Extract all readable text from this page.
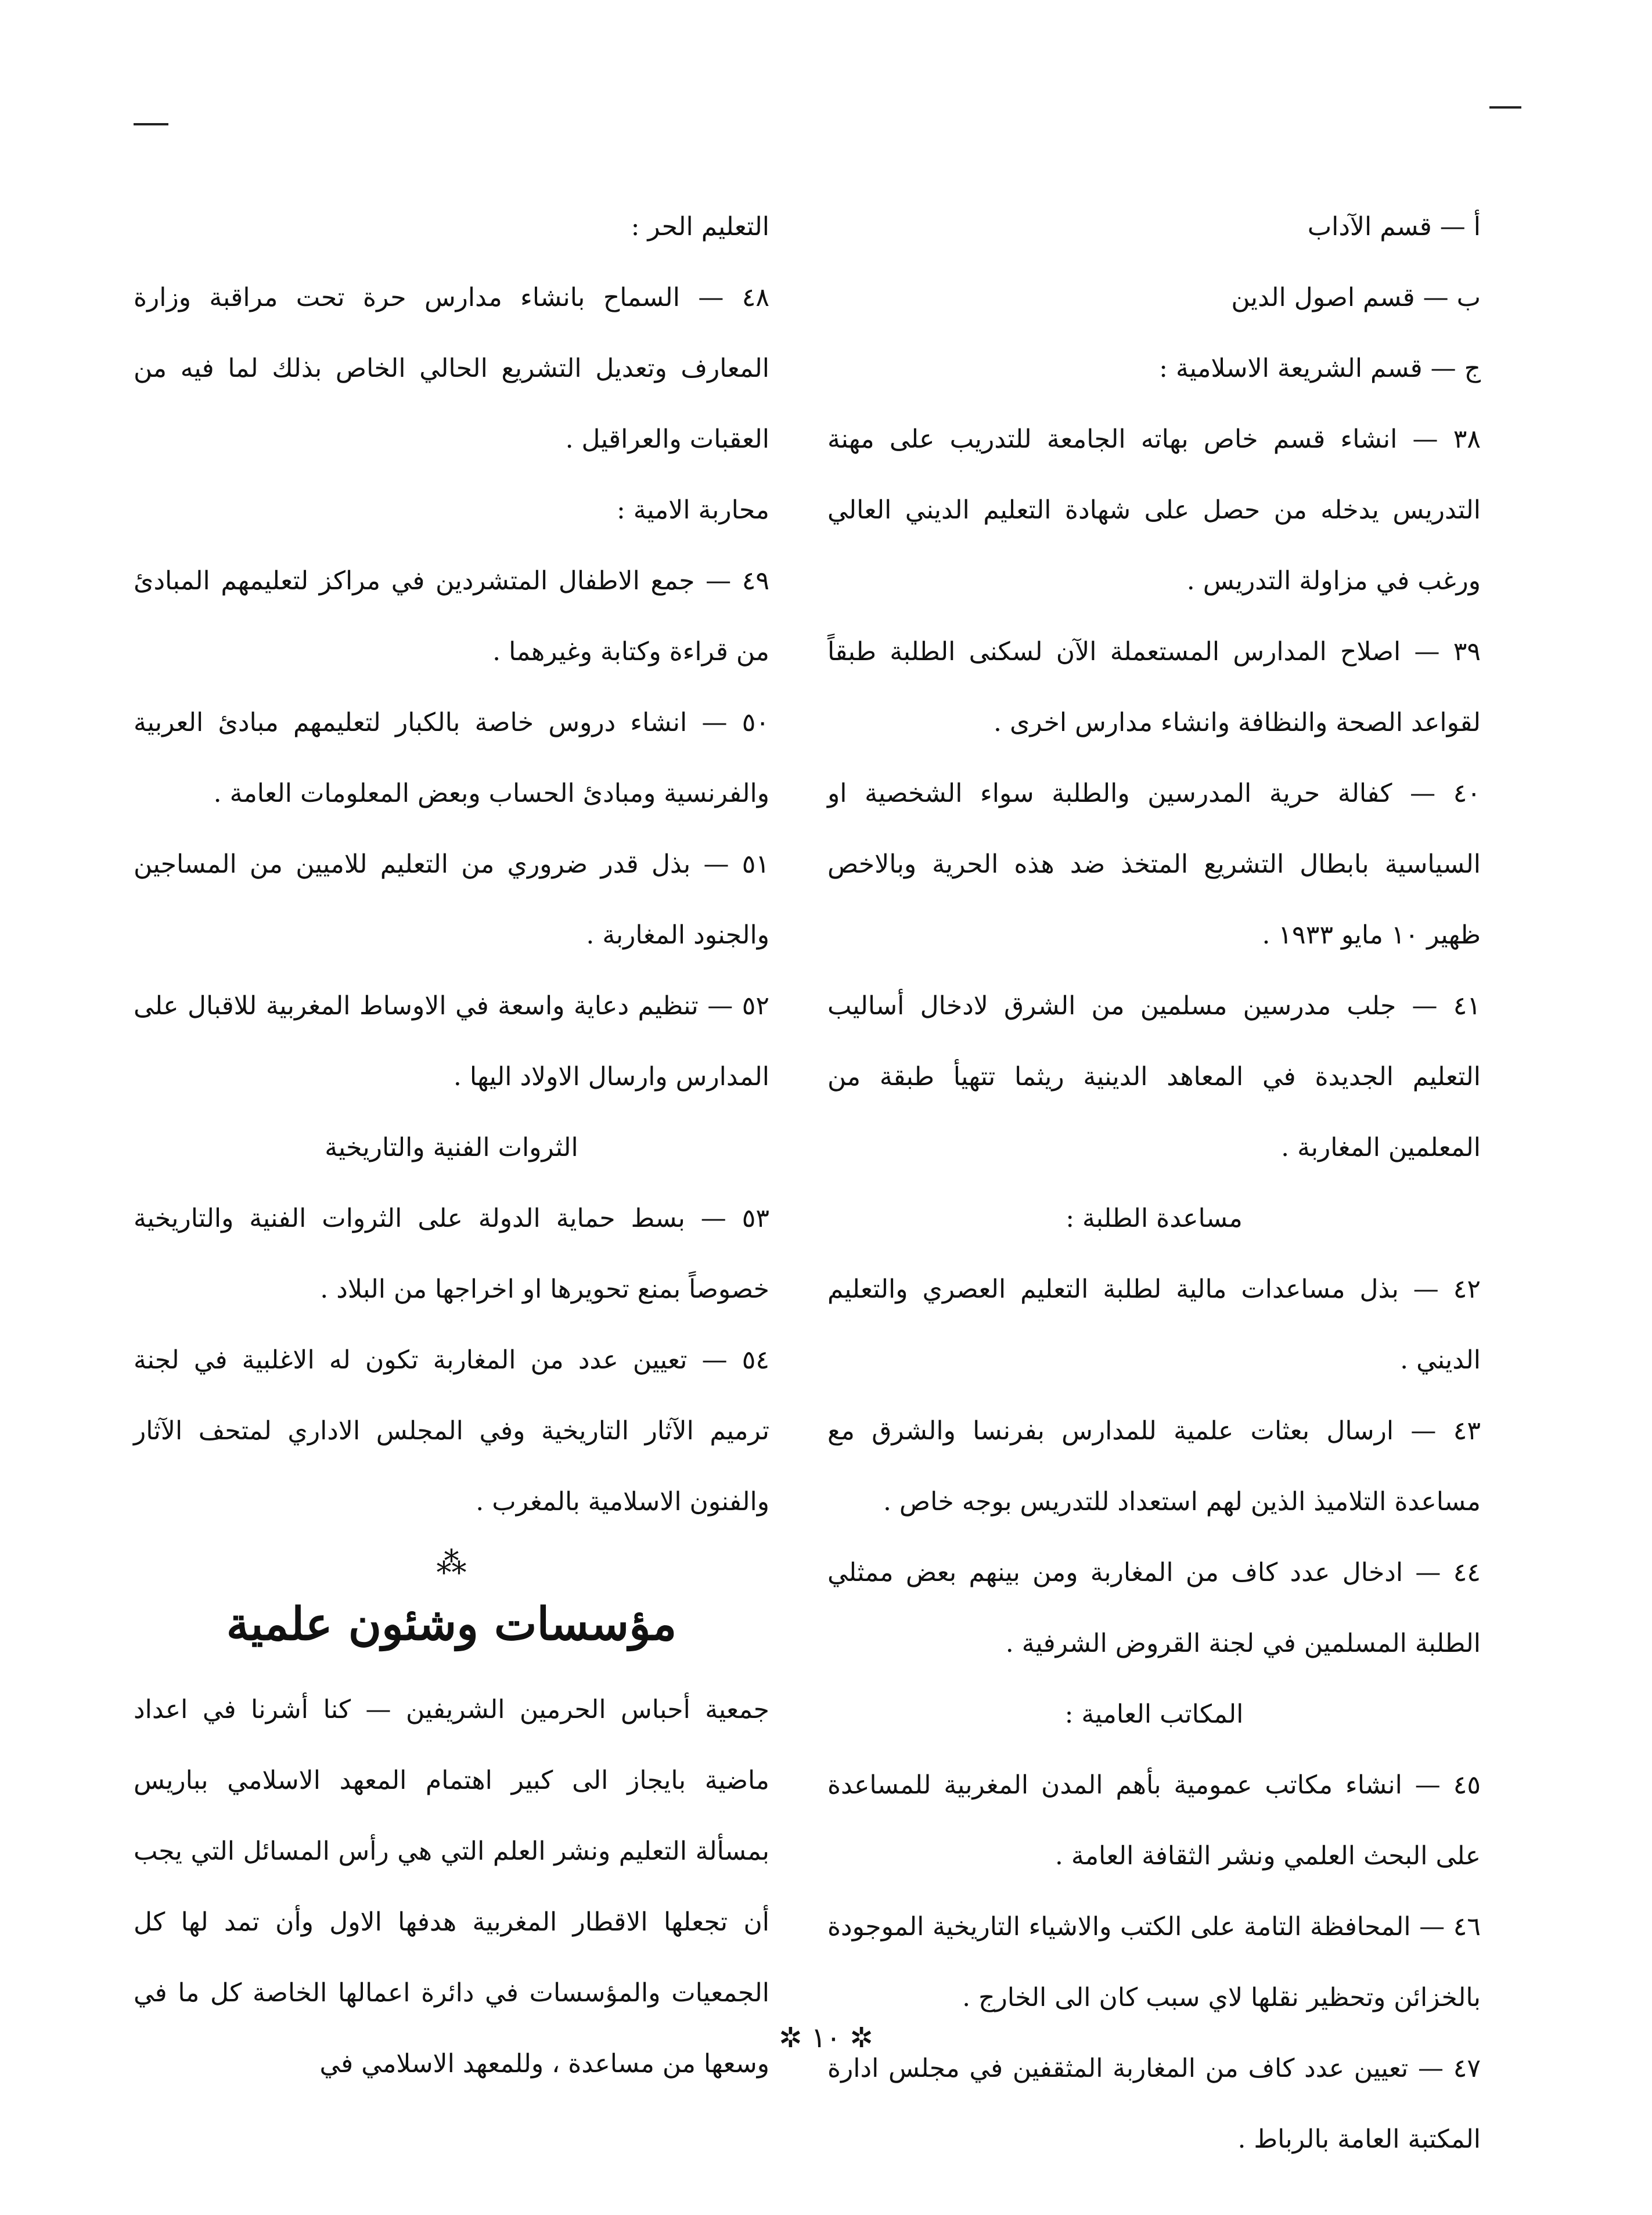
أ — قسم الآداب

ب — قسم اصول الدين

ج — قسم الشريعة الاسلامية :

٣٨ — انشاء قسم خاص بهاته الجامعة للتدريب على مهنة التدريس يدخله من حصل على شهادة التعليم الديني العالي ورغب في مزاولة التدريس .

٣٩ — اصلاح المدارس المستعملة الآن لسكنى الطلبة طبقاً لقواعد الصحة والنظافة وانشاء مدارس اخرى .

٤٠ — كفالة حرية المدرسين والطلبة سواء الشخصية او السياسية بابطال التشريع المتخذ ضد هذه الحرية وبالاخص ظهير ١٠ مايو ١٩٣٣ .

٤١ — جلب مدرسين مسلمين من الشرق لادخال أساليب التعليم الجديدة في المعاهد الدينية ريثما تتهيأ طبقة من المعلمين المغاربة .

مساعدة الطلبة :

٤٢ — بذل مساعدات مالية لطلبة التعليم العصري والتعليم الديني .

٤٣ — ارسال بعثات علمية للمدارس بفرنسا والشرق مع مساعدة التلاميذ الذين لهم استعداد للتدريس بوجه خاص .

٤٤ — ادخال عدد كاف من المغاربة ومن بينهم بعض ممثلي الطلبة المسلمين في لجنة القروض الشرفية .

المكاتب العامية :

٤٥ — انشاء مكاتب عمومية بأهم المدن المغربية للمساعدة على البحث العلمي ونشر الثقافة العامة .

٤٦ — المحافظة التامة على الكتب والاشياء التاريخية الموجودة بالخزائن وتحظير نقلها لاي سبب كان الى الخارج .

٤٧ — تعيين عدد كاف من المغاربة المثقفين في مجلس ادارة المكتبة العامة بالرباط .

التعليم الحر :

٤٨ — السماح بانشاء مدارس حرة تحت مراقبة وزارة المعارف وتعديل التشريع الحالي الخاص بذلك لما فيه من العقبات والعراقيل .

محاربة الامية :

٤٩ — جمع الاطفال المتشردين في مراكز لتعليمهم المبادئ من قراءة وكتابة وغيرهما .

٥٠ — انشاء دروس خاصة بالكبار لتعليمهم مبادئ العربية والفرنسية ومبادئ الحساب وبعض المعلومات العامة .

٥١ — بذل قدر ضروري من التعليم للاميين من المساجين والجنود المغاربة .

٥٢ — تنظيم دعاية واسعة في الاوساط المغربية للاقبال على المدارس وارسال الاولاد اليها .

الثروات الفنية والتاريخية

٥٣ — بسط حماية الدولة على الثروات الفنية والتاريخية خصوصاً بمنع تحويرها او اخراجها من البلاد .

٥٤ — تعيين عدد من المغاربة تكون له الاغلبية في لجنة ترميم الآثار التاريخية وفي المجلس الاداري لمتحف الآثار والفنون الاسلامية بالمغرب .

⁂

مؤسسات وشئون علمية

جمعية أحباس الحرمين الشريفين — كنا أشرنا في اعداد ماضية بايجاز الى كبير اهتمام المعهد الاسلامي بباريس بمسألة التعليم ونشر العلم التي هي رأس المسائل التي يجب أن تجعلها الاقطار المغربية هدفها الاول وأن تمد لها كل الجمعيات والمؤسسات في دائرة اعمالها الخاصة كل ما في وسعها من مساعدة ، وللمعهد الاسلامي في

✲ ١٠ ✲
